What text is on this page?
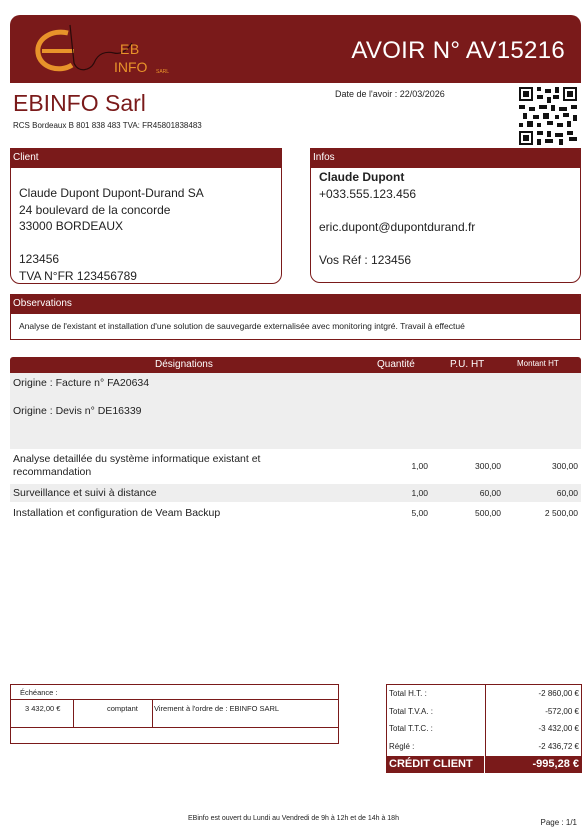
EB
INFO SARL
AVOIR N° AV15216
EBINFO Sarl
RCS Bordeaux B 801 838 483 TVA: FR45801838483
Date de l'avoir : 22/03/2026
Client
Claude Dupont Dupont-Durand SA
24 boulevard de la concorde
33000 BORDEAUX

123456
TVA N°FR 123456789
Infos
Claude Dupont
+033.555.123.456

eric.dupont@dupontdurand.fr

Vos Réf : 123456
Observations
Analyse de l'existant et installation d'une solution de sauvegarde externalisée avec monitoring intgré. Travail à effectué
Désignations	Quantité	P.U. HT	Montant HT
Origine : Facture n° FA20634
Origine : Devis n° DE16339
Analyse detaillée du système informatique existant et recommandation	1,00	300,00	300,00
Surveillance et suivi à distance	1,00	60,00	60,00
Installation et configuration de Veam Backup	5,00	500,00	2 500,00
Échéance :
3 432,00 €	comptant Virement à l'ordre de : EBINFO SARL
Total H.T. :	-2 860,00 €
Total T.V.A. :	-572,00 €
Total T.T.C. :	-3 432,00 €
Réglé :	-2 436,72 €
CRÉDIT CLIENT	-995,28 €
EBinfo est ouvert du Lundi au Vendredi de 9h à 12h et de 14h à 18h	Page : 1/1
